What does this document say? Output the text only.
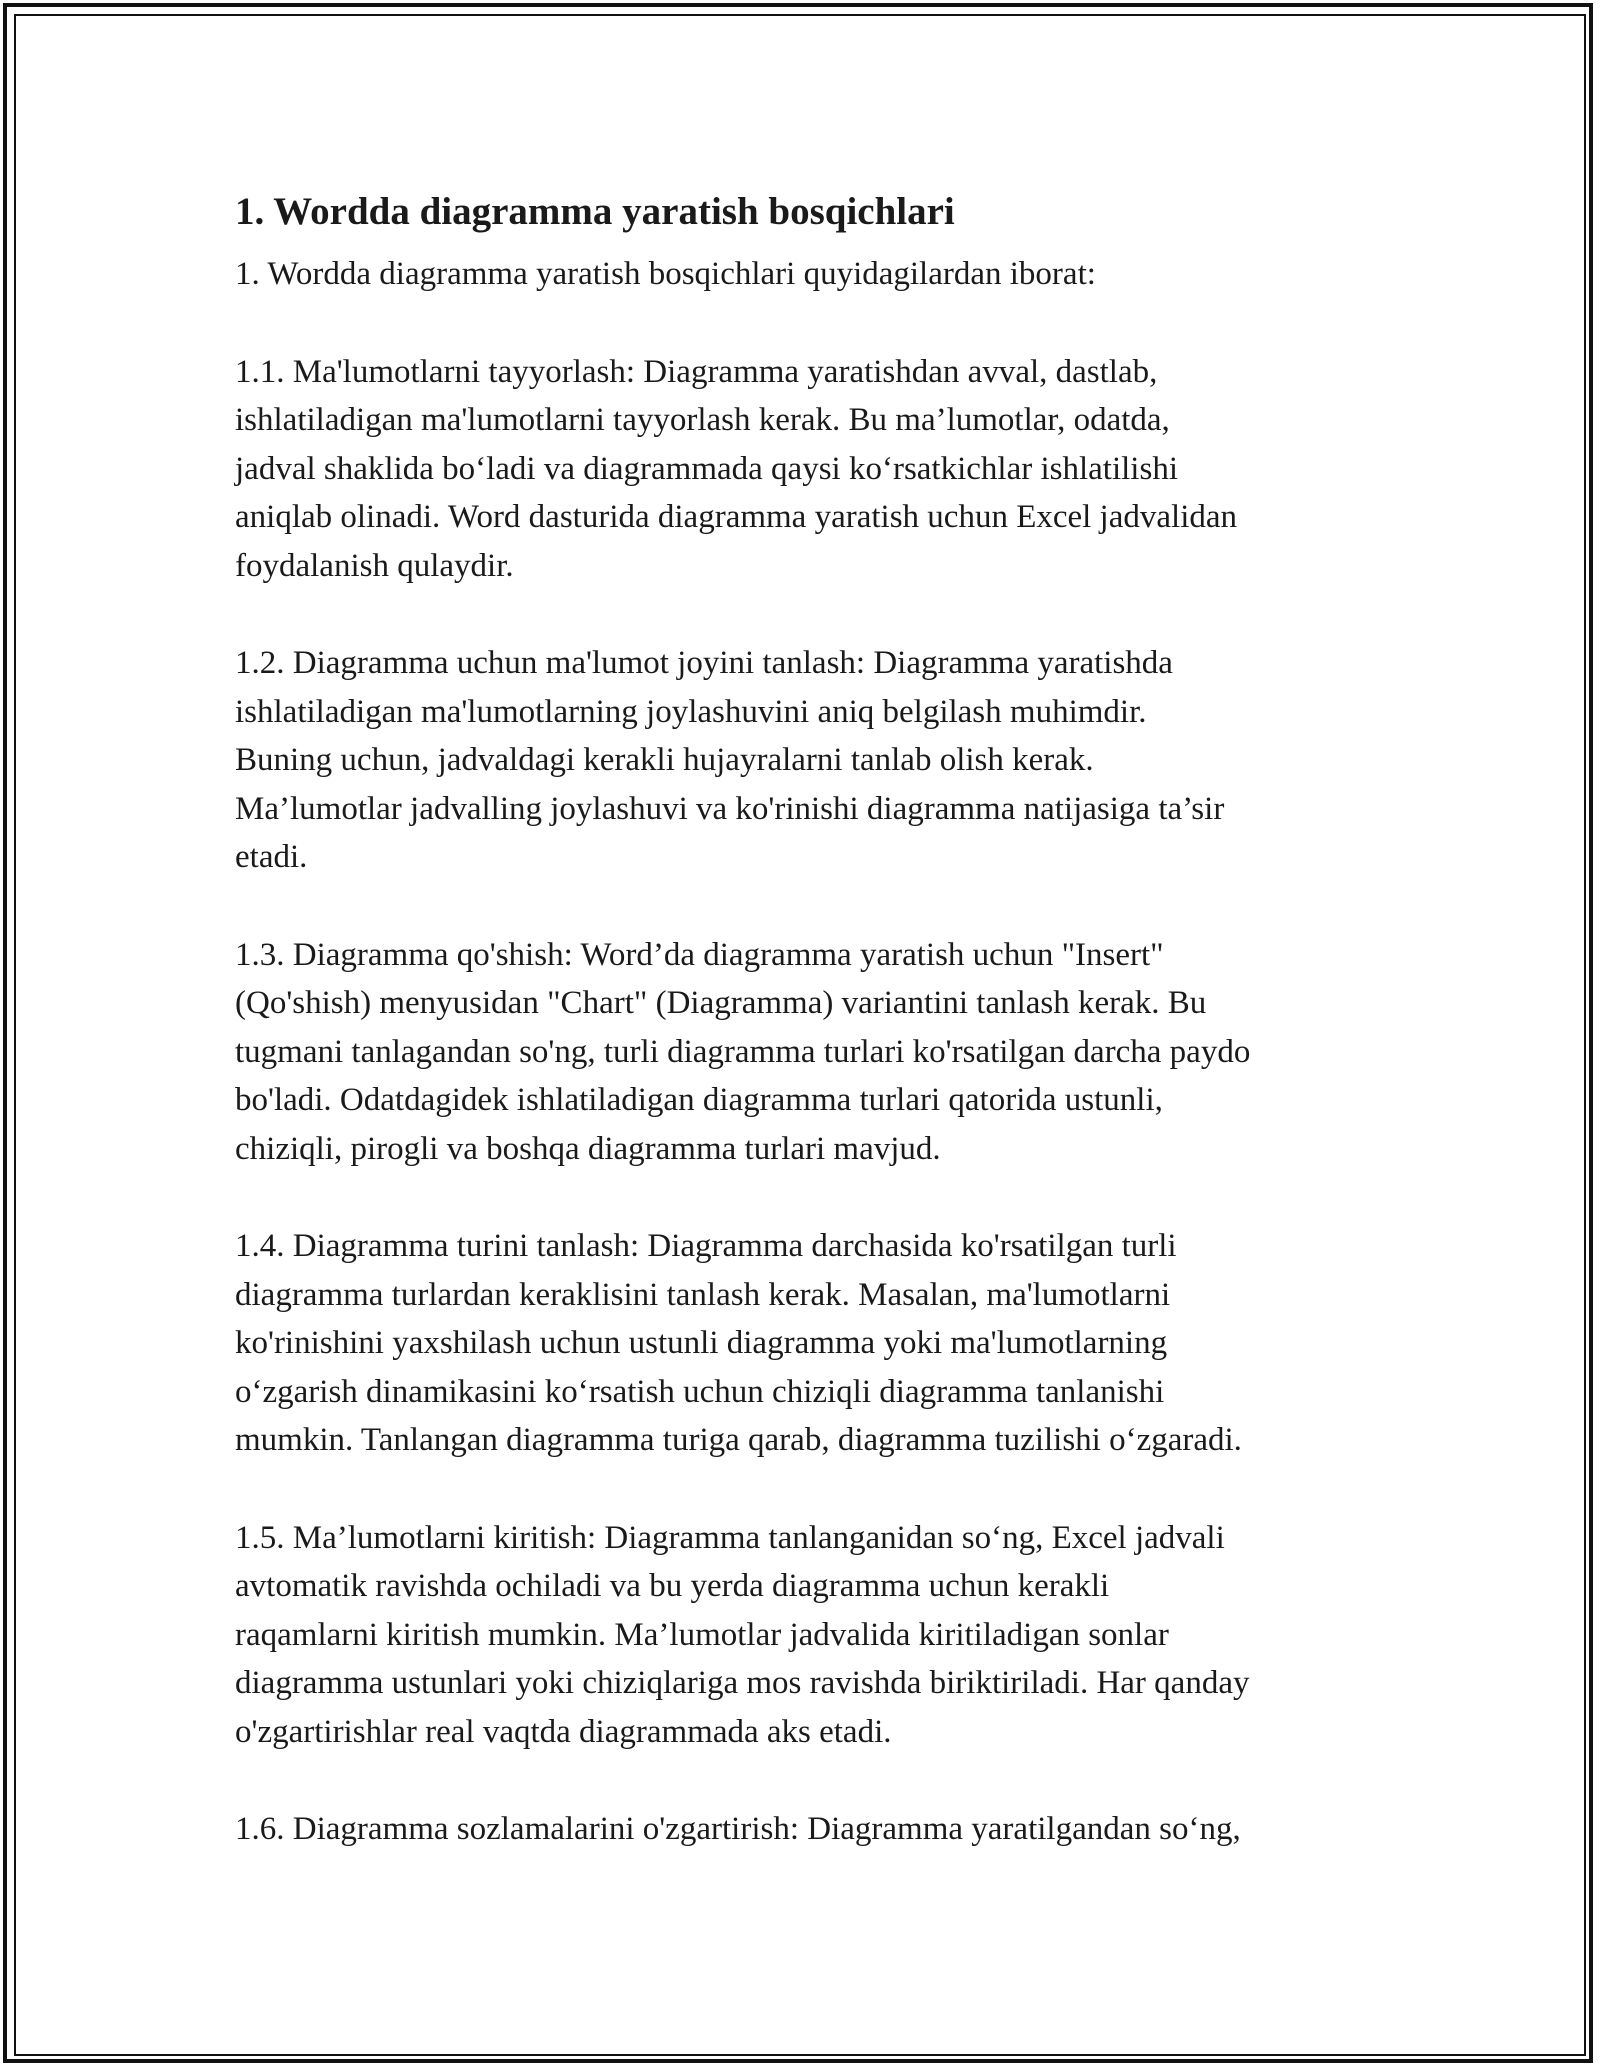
1. Wordda diagramma yaratish bosqichlari

1. Wordda diagramma yaratish bosqichlari quyidagilardan iborat:

1.1. Ma'lumotlarni tayyorlash: Diagramma yaratishdan avval, dastlab,
ishlatiladigan ma'lumotlarni tayyorlash kerak. Bu ma’lumotlar, odatda,
jadval shaklida bo‘ladi va diagrammada qaysi ko‘rsatkichlar ishlatilishi
aniqlab olinadi. Word dasturida diagramma yaratish uchun Excel jadvalidan
foydalanish qulaydir.

1.2. Diagramma uchun ma'lumot joyini tanlash: Diagramma yaratishda
ishlatiladigan ma'lumotlarning joylashuvini aniq belgilash muhimdir.
Buning uchun, jadvaldagi kerakli hujayralarni tanlab olish kerak.
Ma’lumotlar jadvalling joylashuvi va ko'rinishi diagramma natijasiga ta’sir
etadi.

1.3. Diagramma qo'shish: Word’da diagramma yaratish uchun "Insert"
(Qo'shish) menyusidan "Chart" (Diagramma) variantini tanlash kerak. Bu
tugmani tanlagandan so'ng, turli diagramma turlari ko'rsatilgan darcha paydo
bo'ladi. Odatdagidek ishlatiladigan diagramma turlari qatorida ustunli,
chiziqli, pirogli va boshqa diagramma turlari mavjud.

1.4. Diagramma turini tanlash: Diagramma darchasida ko'rsatilgan turli
diagramma turlardan keraklisini tanlash kerak. Masalan, ma'lumotlarni
ko'rinishini yaxshilash uchun ustunli diagramma yoki ma'lumotlarning
o‘zgarish dinamikasini ko‘rsatish uchun chiziqli diagramma tanlanishi
mumkin. Tanlangan diagramma turiga qarab, diagramma tuzilishi o‘zgaradi.

1.5. Ma’lumotlarni kiritish: Diagramma tanlanganidan so‘ng, Excel jadvali
avtomatik ravishda ochiladi va bu yerda diagramma uchun kerakli
raqamlarni kiritish mumkin. Ma’lumotlar jadvalida kiritiladigan sonlar
diagramma ustunlari yoki chiziqlariga mos ravishda biriktiriladi. Har qanday
o'zgartirishlar real vaqtda diagrammada aks etadi.

1.6. Diagramma sozlamalarini o'zgartirish: Diagramma yaratilgandan so‘ng,
